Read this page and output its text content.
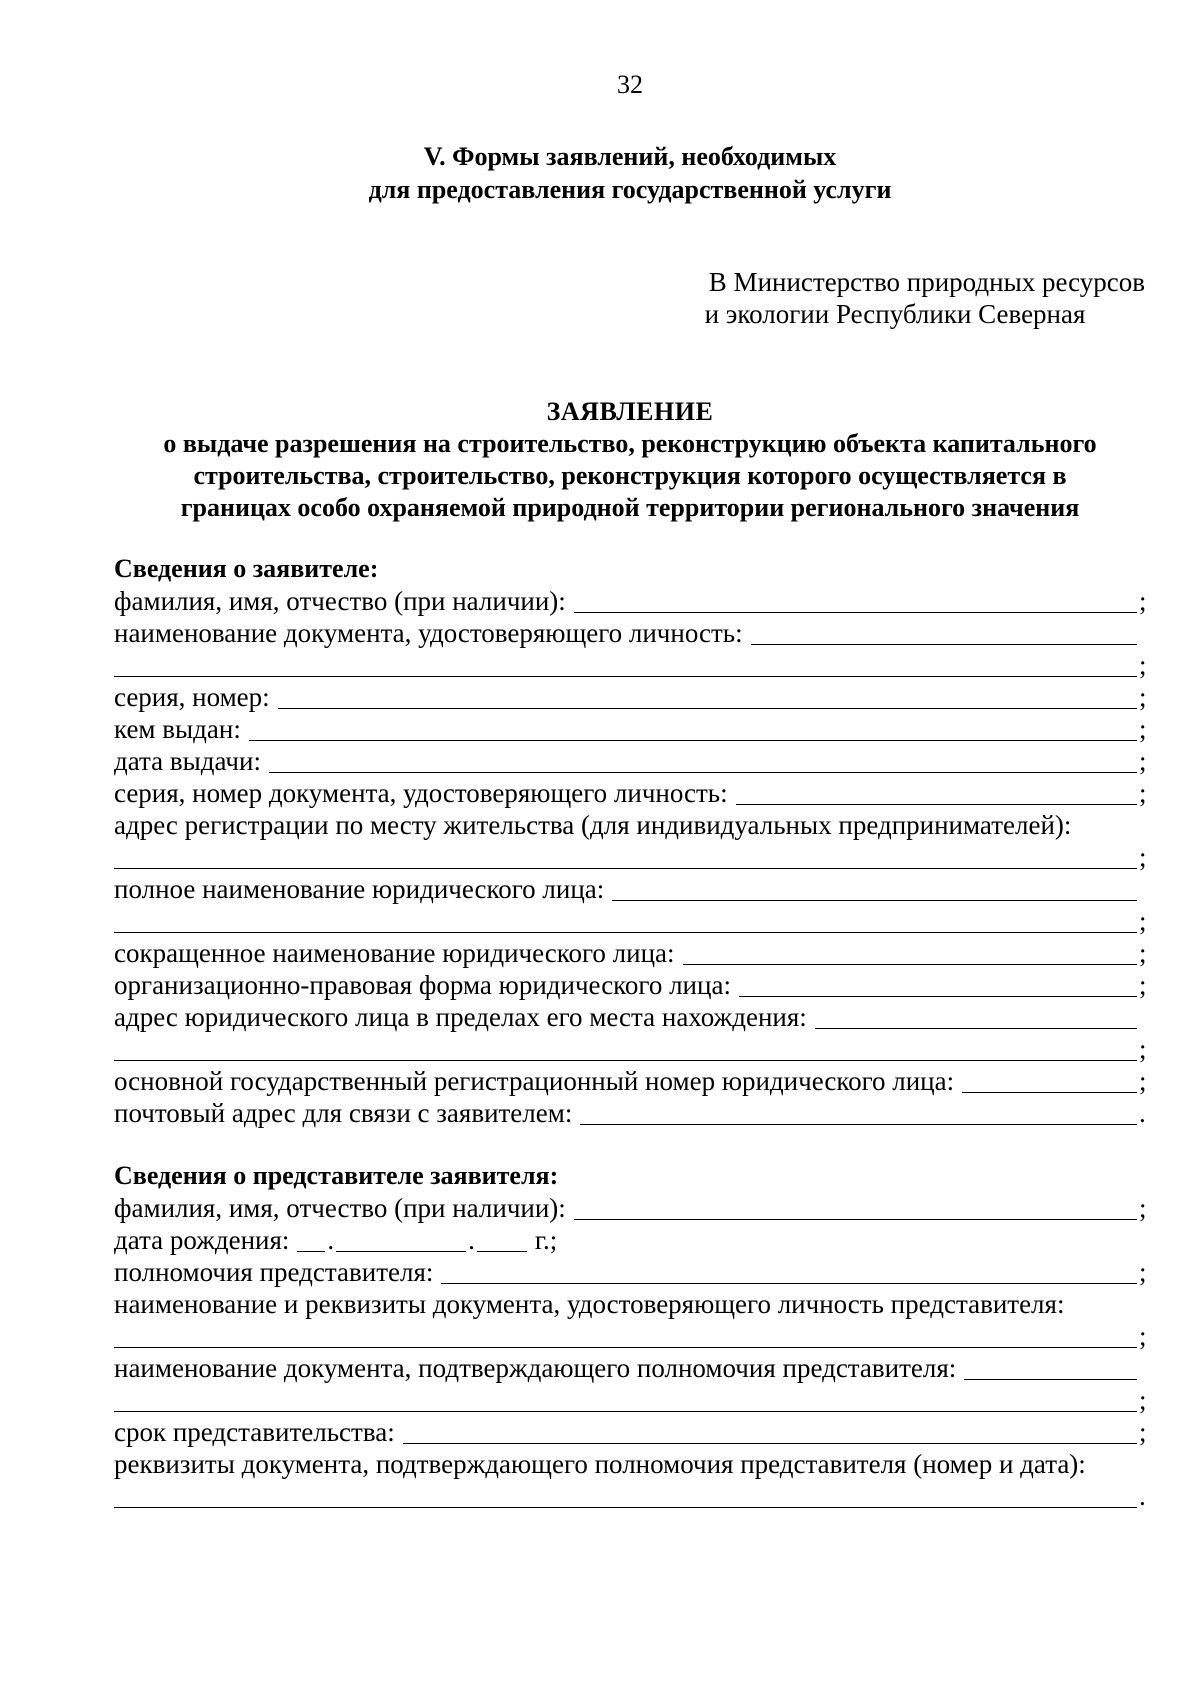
32
V. Формы заявлений, необходимых
для предоставления государственной услуги
В Министерство природных ресурсов
и экологии Республики Северная
ЗАЯВЛЕНИЕ
о выдаче разрешения на строительство, реконструкцию объекта капитального
строительства, строительство, реконструкция которого осуществляется в
границах особо охраняемой природной территории регионального значения
Сведения о заявителе:
фамилия, имя, отчество (при наличии):	;
наименование документа, удостоверяющего личность:
;
серия, номер:	;
кем выдан:	;
дата выдачи:	;
серия, номер документа, удостоверяющего личность:	;
адрес регистрации по месту жительства (для индивидуальных предпринимателей):
;
полное наименование юридического лица:
;
сокращенное наименование юридического лица:	;
организационно-правовая форма юридического лица:	;
адрес юридического лица в пределах его места нахождения:
;
основной государственный регистрационный номер юридического лица:	;
почтовый адрес для связи с заявителем:	.
Сведения о представителе заявителя:
фамилия, имя, отчество (при наличии):	;
дата рождения: .	. г.;
полномочия представителя:	;
наименование и реквизиты документа, удостоверяющего личность представителя:
;
наименование документа, подтверждающего полномочия представителя:
;
срок представительства:	;
реквизиты документа, подтверждающего полномочия представителя (номер и дата):
.
